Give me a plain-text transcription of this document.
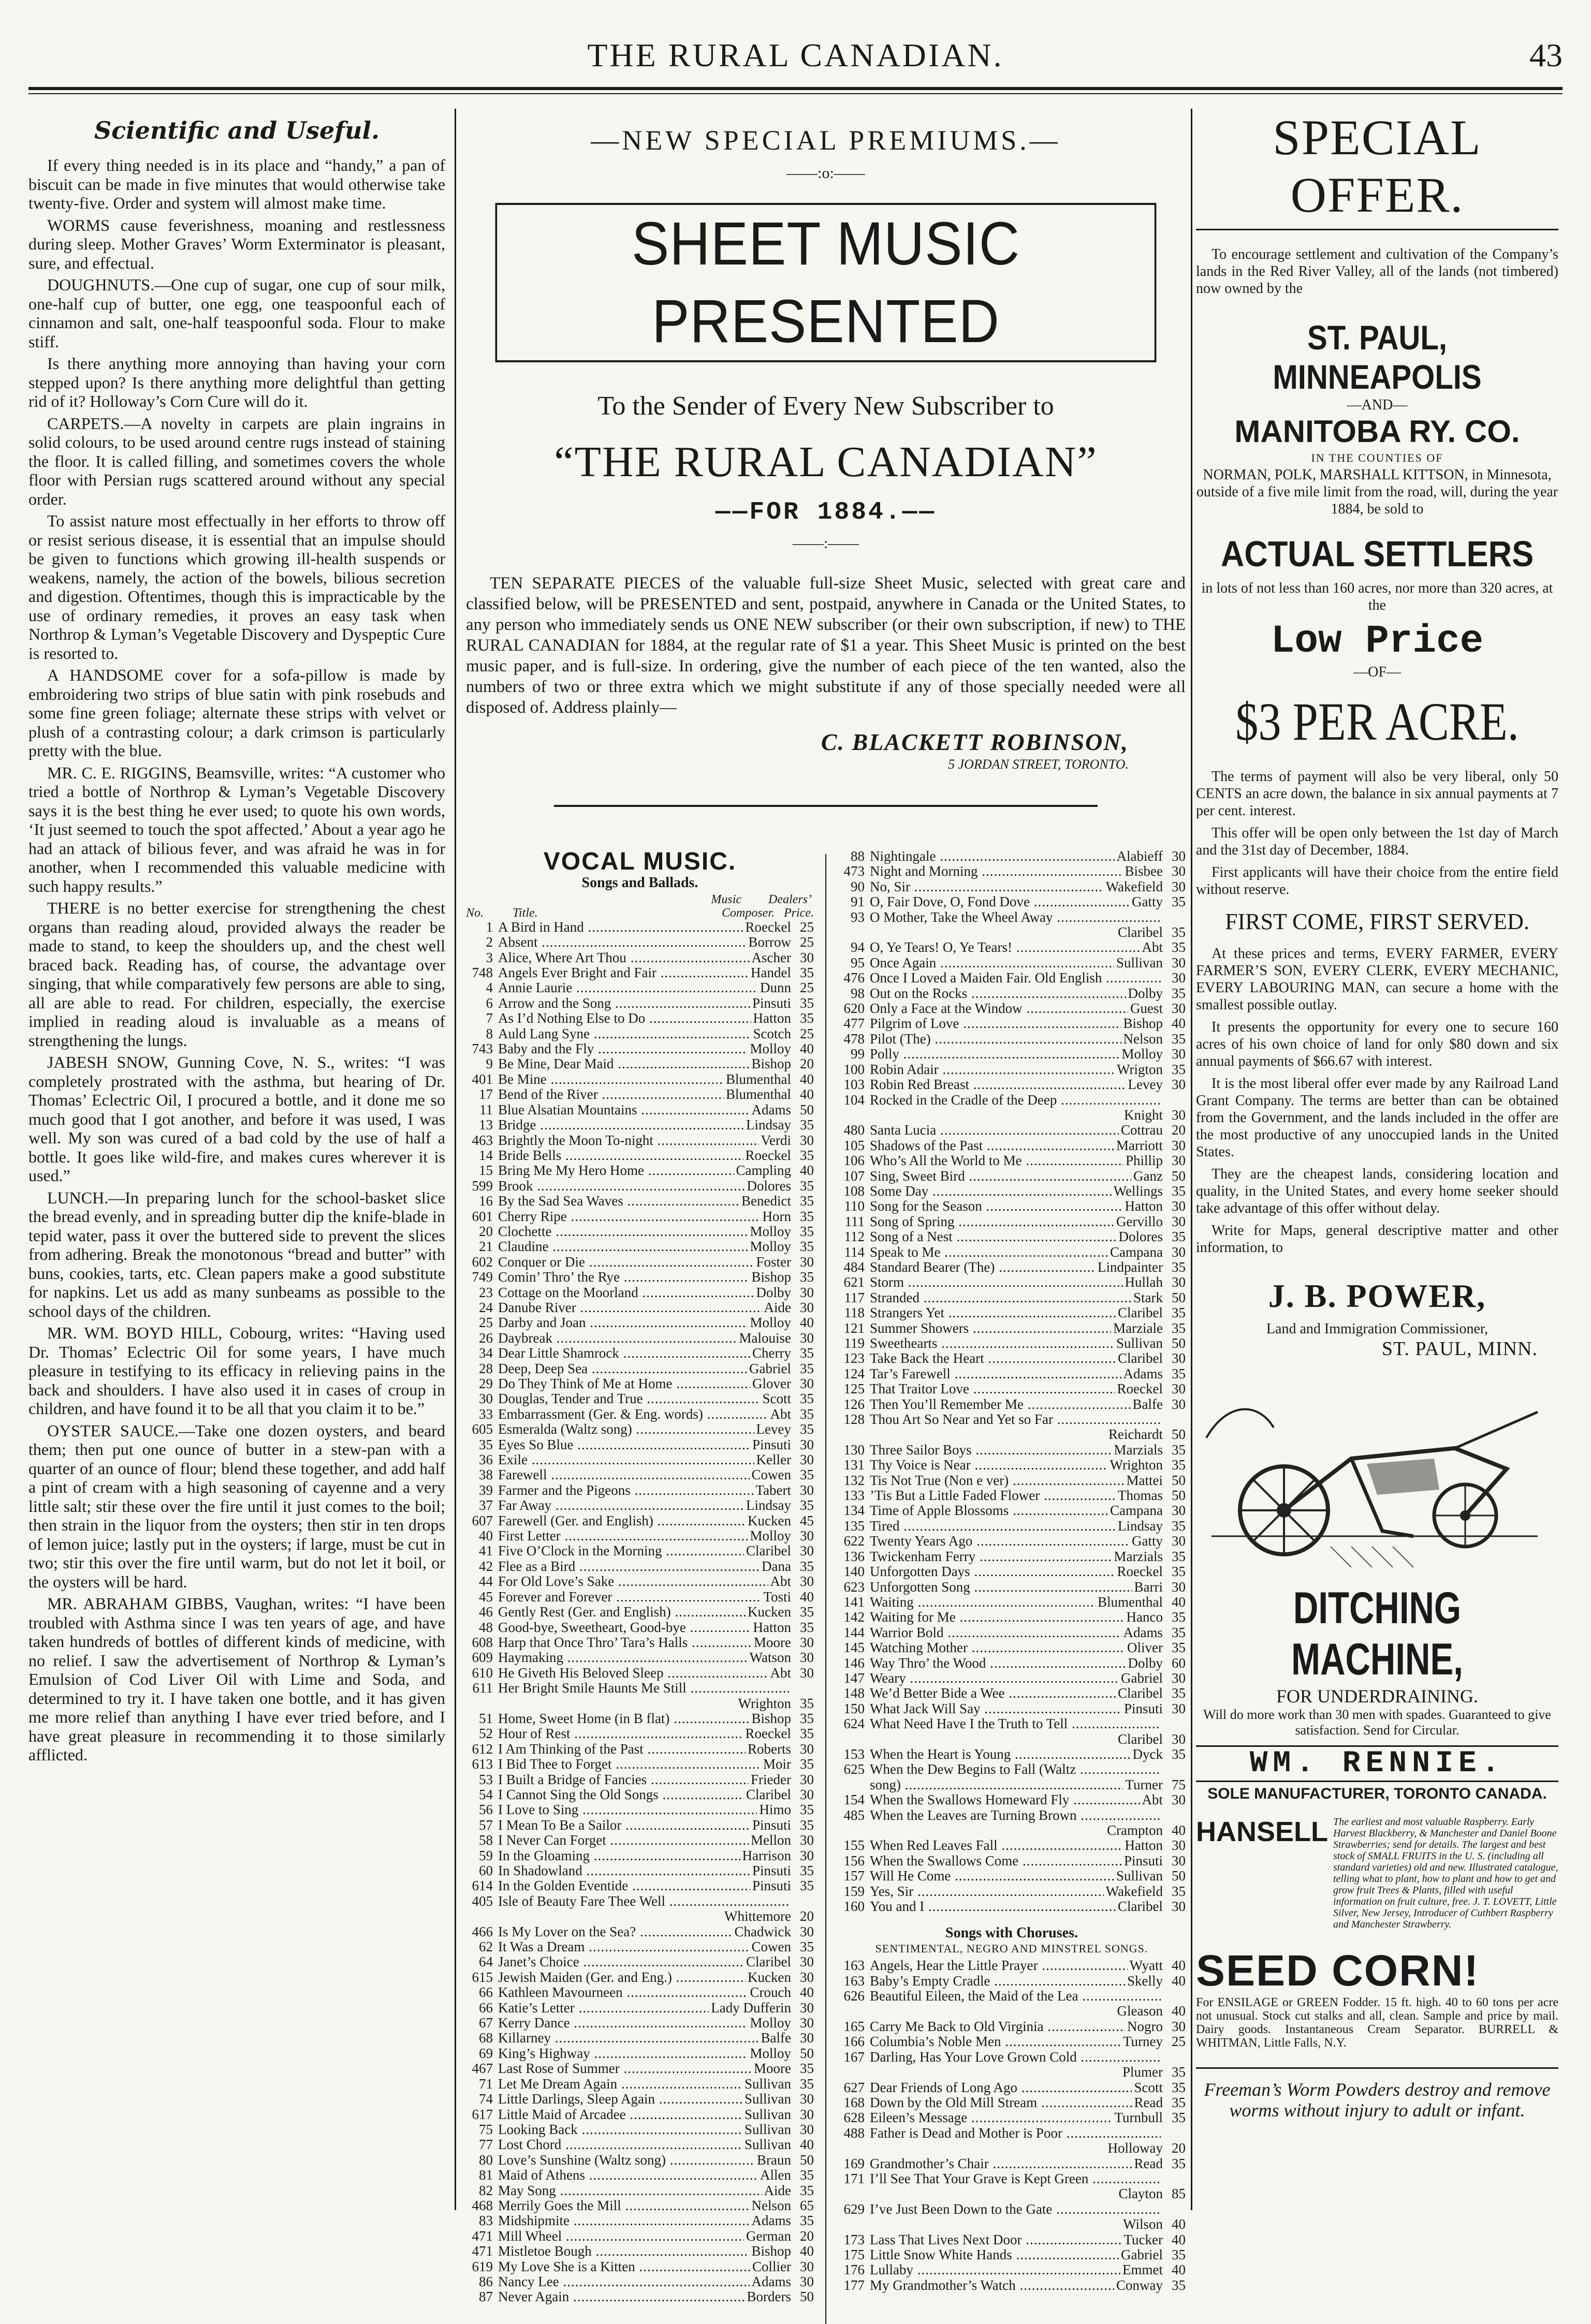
THE RURAL CANADIAN.	43
Scientific and Useful.

If every thing needed is in its place and “handy,” a pan of biscuit can be made in five minutes that would otherwise take twenty-five. Order and system will almost make time.

WORMS cause feverishness, moaning and restlessness during sleep. Mother Graves’ Worm Exterminator is pleasant, sure, and effectual.

DOUGHNUTS.—One cup of sugar, one cup of sour milk, one-half cup of butter, one egg, one teaspoonful each of cinnamon and salt, one-half teaspoonful soda. Flour to make stiff.

Is there anything more annoying than having your corn stepped upon? Is there anything more delightful than getting rid of it? Holloway’s Corn Cure will do it.

CARPETS.—A novelty in carpets are plain ingrains in solid colours, to be used around centre rugs instead of staining the floor. It is called filling, and sometimes covers the whole floor with Persian rugs scattered around without any special order.

To assist nature most effectually in her efforts to throw off or resist serious disease, it is essential that an impulse should be given to functions which growing ill-health suspends or weakens, namely, the action of the bowels, bilious secretion and digestion. Oftentimes, though this is impracticable by the use of ordinary remedies, it proves an easy task when Northrop & Lyman’s Vegetable Discovery and Dyspeptic Cure is resorted to.

A HANDSOME cover for a sofa-pillow is made by embroidering two strips of blue satin with pink rosebuds and some fine green foliage; alternate these strips with velvet or plush of a contrasting colour; a dark crimson is particularly pretty with the blue.

MR. C. E. RIGGINS, Beamsville, writes: “A customer who tried a bottle of Northrop & Lyman’s Vegetable Discovery says it is the best thing he ever used; to quote his own words, ‘It just seemed to touch the spot affected.’ About a year ago he had an attack of bilious fever, and was afraid he was in for another, when I recommended this valuable medicine with such happy results.”

THERE is no better exercise for strengthening the chest organs than reading aloud, provided always the reader be made to stand, to keep the shoulders up, and the chest well braced back. Reading has, of course, the advantage over singing, that while comparatively few persons are able to sing, all are able to read. For children, especially, the exercise implied in reading aloud is invaluable as a means of strengthening the lungs.

JABESH SNOW, Gunning Cove, N. S., writes: “I was completely prostrated with the asthma, but hearing of Dr. Thomas’ Eclectric Oil, I procured a bottle, and it done me so much good that I got another, and before it was used, I was well. My son was cured of a bad cold by the use of half a bottle. It goes like wild-fire, and makes cures wherever it is used.”

LUNCH.—In preparing lunch for the school-basket slice the bread evenly, and in spreading butter dip the knife-blade in tepid water, pass it over the buttered side to prevent the slices from adhering. Break the monotonous “bread and butter” with buns, cookies, tarts, etc. Clean papers make a good substitute for napkins. Let us add as many sunbeams as possible to the school days of the children.

MR. WM. BOYD HILL, Cobourg, writes: “Having used Dr. Thomas’ Eclectric Oil for some years, I have much pleasure in testifying to its efficacy in relieving pains in the back and shoulders. I have also used it in cases of croup in children, and have found it to be all that you claim it to be.”

OYSTER SAUCE.—Take one dozen oysters, and beard them; then put one ounce of butter in a stew-pan with a quarter of an ounce of flour; blend these together, and add half a pint of cream with a high seasoning of cayenne and a very little salt; stir these over the fire until it just comes to the boil; then strain in the liquor from the oysters; then stir in ten drops of lemon juice; lastly put in the oysters; if large, must be cut in two; stir this over the fire until warm, but do not let it boil, or the oysters will be hard.

MR. ABRAHAM GIBBS, Vaughan, writes: “I have been troubled with Asthma since I was ten years of age, and have taken hundreds of bottles of different kinds of medicine, with no relief. I saw the advertisement of Northrop & Lyman’s Emulsion of Cod Liver Oil with Lime and Soda, and determined to try it. I have taken one bottle, and it has given me more relief than anything I have ever tried before, and I have great pleasure in recommending it to those similarly afflicted.

—NEW SPECIAL PREMIUMS.—
——:o:——
SHEET MUSIC PRESENTED
To the Sender of Every New Subscriber to
“THE RURAL CANADIAN”
——FOR 1884.——
——:——
TEN SEPARATE PIECES of the valuable full-size Sheet Music, selected with great care and classified below, will be PRESENTED and sent, postpaid, anywhere in Canada or the United States, to any person who immediately sends us ONE NEW subscriber (or their own subscription, if new) to THE RURAL CANADIAN for 1884, at the regular rate of $1 a year. This Sheet Music is printed on the best music paper, and is full-size. In ordering, give the number of each piece of the ten wanted, also the numbers of two or three extra which we might substitute if any of those specially needed were all disposed of. Address plainly—
C. BLACKETT ROBINSON,
5 JORDAN STREET, TORONTO.
VOCAL MUSIC.
Songs and Ballads.
Music Dealers’
No.	Title.	Composer. Price.
1 A Bird in Hand .....	Roeckel 25
2 Absent .....	Borrow 25
3 Alice, Where Art Thou .....	Ascher 30
748 Angels Ever Bright and Fair .....	Handel 35
4 Annie Laurie .....	Dunn 25
6 Arrow and the Song .....	Pinsuti 35
7 As I’d Nothing Else to Do .....	Hatton 35
8 Auld Lang Syne .....	Scotch 25
743 Baby and the Fly .....	Molloy 40
9 Be Mine, Dear Maid .....	Bishop 20
401 Be Mine .....	Blumenthal 40
17 Bend of the River .....	Blumenthal 40
11 Blue Alsatian Mountains .....	Adams 50
13 Bridge .....	Lindsay 35
463 Brightly the Moon To-night .....	Verdi 30
14 Bride Bells .....	Roeckel 35
15 Bring Me My Hero Home .....	Campling 40
599 Brook .....	Dolores 35
16 By the Sad Sea Waves .....	Benedict 35
601 Cherry Ripe .....	Horn 35
20 Clochette .....	Molloy 35
21 Claudine .....	Molloy 35
602 Conquer or Die .....	Foster 30
749 Comin’ Thro’ the Rye .....	Bishop 35
23 Cottage on the Moorland .....	Dolby 30
24 Danube River .....	Aide 30
25 Darby and Joan .....	Molloy 40
26 Daybreak .....	Malouise 30
34 Dear Little Shamrock .....	Cherry 35
28 Deep, Deep Sea .....	Gabriel 35
29 Do They Think of Me at Home .....	Glover 30
30 Douglas, Tender and True .....	Scott 35
33 Embarrassment (Ger. & Eng. words) .....	Abt 35
605 Esmeralda (Waltz song) .....	Levey 35
35 Eyes So Blue .....	Pinsuti 30
36 Exile .....	Keller 30
38 Farewell .....	Cowen 35
39 Farmer and the Pigeons .....	Tabert 30
37 Far Away .....	Lindsay 35
607 Farewell (Ger. and English) .....	Kucken 45
40 First Letter .....	Molloy 30
41 Five O’Clock in the Morning .....	Claribel 30
42 Flee as a Bird .....	Dana 35
44 For Old Love’s Sake .....	Abt 30
45 Forever and Forever .....	Tosti 40
46 Gently Rest (Ger. and English) .....	Kucken 35
48 Good-bye, Sweetheart, Good-bye .....	Hatton 35
608 Harp that Once Thro’ Tara’s Halls .....	Moore 30
609 Haymaking .....	Watson 30
610 He Giveth His Beloved Sleep .....	Abt 30
611 Her Bright Smile Haunts Me Still .....
Wrighton 35
51 Home, Sweet Home (in B flat) .....	Bishop 35
52 Hour of Rest .....	Roeckel 35
612 I Am Thinking of the Past .....	Roberts 30
613 I Bid Thee to Forget .....	Moir 35
53 I Built a Bridge of Fancies .....	Frieder 30
54 I Cannot Sing the Old Songs .....	Claribel 30
56 I Love to Sing .....	Himo 35
57 I Mean To Be a Sailor .....	Pinsuti 35
58 I Never Can Forget .....	Mellon 30
59 In the Gloaming .....	Harrison 30
60 In Shadowland .....	Pinsuti 35
614 In the Golden Eventide .....	Pinsuti 35
405 Isle of Beauty Fare Thee Well .....
Whittemore 20
466 Is My Lover on the Sea? .....	Chadwick 30
62 It Was a Dream .....	Cowen 35
64 Janet’s Choice .....	Claribel 30
615 Jewish Maiden (Ger. and Eng.) .....	Kucken 30
66 Kathleen Mavourneen .....	Crouch 40
66 Katie’s Letter .....	Lady Dufferin 30
67 Kerry Dance .....	Molloy 30
68 Killarney .....	Balfe 30
69 King’s Highway .....	Molloy 50
467 Last Rose of Summer .....	Moore 35
71 Let Me Dream Again .....	Sullivan 35
74 Little Darlings, Sleep Again .....	Sullivan 30
617 Little Maid of Arcadee .....	Sullivan 30
75 Looking Back .....	Sullivan 30
77 Lost Chord .....	Sullivan 40
80 Love’s Sunshine (Waltz song) .....	Braun 50
81 Maid of Athens .....	Allen 35
82 May Song .....	Aide 35
468 Merrily Goes the Mill .....	Nelson 65
83 Midshipmite .....	Adams 35
471 Mill Wheel .....	German 20
471 Mistletoe Bough .....	Bishop 40
619 My Love She is a Kitten .....	Collier 30
86 Nancy Lee .....	Adams 30
87 Never Again .....	Borders 50
88 Nightingale .....	Alabieff 30
473 Night and Morning .....	Bisbee 30
90 No, Sir .....	Wakefield 30
91 O, Fair Dove, O, Fond Dove .....	Gatty 35
93 O Mother, Take the Wheel Away .....
Claribel 35
94 O, Ye Tears! O, Ye Tears! .....	Abt 35
95 Once Again .....	Sullivan 30
476 Once I Loved a Maiden Fair. Old English .....	30
98 Out on the Rocks .....	Dolby 35
620 Only a Face at the Window .....	Guest 30
477 Pilgrim of Love .....	Bishop 40
478 Pilot (The) .....	Nelson 35
99 Polly .....	Molloy 30
100 Robin Adair .....	Wrigton 35
103 Robin Red Breast .....	Levey 30
104 Rocked in the Cradle of the Deep .....
Knight 30
480 Santa Lucia .....	Cottrau 20
105 Shadows of the Past .....	Marriott 30
106 Who’s All the World to Me .....	Phillip 30
107 Sing, Sweet Bird .....	Ganz 50
108 Some Day .....	Wellings 35
110 Song for the Season .....	Hatton 30
111 Song of Spring .....	Gervillo 30
112 Song of a Nest .....	Dolores 35
114 Speak to Me .....	Campana 30
484 Standard Bearer (The) .....	Lindpainter 35
621 Storm .....	Hullah 30
117 Stranded .....	Stark 50
118 Strangers Yet .....	Claribel 35
121 Summer Showers .....	Marziale 35
119 Sweethearts .....	Sullivan 50
123 Take Back the Heart .....	Claribel 30
124 Tar’s Farewell .....	Adams 35
125 That Traitor Love .....	Roeckel 30
126 Then You’ll Remember Me .....	Balfe 30
128 Thou Art So Near and Yet so Far .....
Reichardt 50
130 Three Sailor Boys .....	Marzials 35
131 Thy Voice is Near .....	Wrighton 35
132 Tis Not True (Non e ver) .....	Mattei 50
133 ’Tis But a Little Faded Flower .....	Thomas 50
134 Time of Apple Blossoms .....	Campana 30
135 Tired .....	Lindsay 35
622 Twenty Years Ago .....	Gatty 30
136 Twickenham Ferry .....	Marzials 35
140 Unforgotten Days .....	Roeckel 35
623 Unforgotten Song .....	Barri 30
141 Waiting .....	Blumenthal 40
142 Waiting for Me .....	Hanco 35
144 Warrior Bold .....	Adams 35
145 Watching Mother .....	Oliver 35
146 Way Thro’ the Wood .....	Dolby 60
147 Weary .....	Gabriel 30
148 We’d Better Bide a Wee .....	Claribel 35
150 What Jack Will Say .....	Pinsuti 30
624 What Need Have I the Truth to Tell .....
Claribel 30
153 When the Heart is Young .....	Dyck 35
625 When the Dew Begins to Fall (Waltz .....
song) .....	Turner 75
154 When the Swallows Homeward Fly .....	Abt 30
485 When the Leaves are Turning Brown .....
Crampton 40
155 When Red Leaves Fall .....	Hatton 30
156 When the Swallows Come .....	Pinsuti 30
157 Will He Come .....	Sullivan 50
159 Yes, Sir .....	Wakefield 35
160 You and I .....	Claribel 30
Songs with Choruses.
SENTIMENTAL, NEGRO AND MINSTREL SONGS.
163 Angels, Hear the Little Prayer .....	Wyatt 40
163 Baby’s Empty Cradle .....	Skelly 40
626 Beautiful Eileen, the Maid of the Lea .....
Gleason 40
165 Carry Me Back to Old Virginia .....	Nogro 30
166 Columbia’s Noble Men .....	Turney 25
167 Darling, Has Your Love Grown Cold .....
Plumer 35
627 Dear Friends of Long Ago .....	Scott 35
168 Down by the Old Mill Stream .....	Read 35
628 Eileen’s Message .....	Turnbull 35
488 Father is Dead and Mother is Poor .....
Holloway 20
169 Grandmother’s Chair .....	Read 35
171 I’ll See That Your Grave is Kept Green .....
Clayton 85
629 I’ve Just Been Down to the Gate .....
Wilson 40
173 Lass That Lives Next Door .....	Tucker 40
175 Little Snow White Hands .....	Gabriel 35
176 Lullaby .....	Emmet 40
177 My Grandmother’s Watch .....	Conway 35
SPECIAL OFFER.

To encourage settlement and cultivation of the Company’s lands in the Red River Valley, all of the lands (not timbered) now owned by the

ST. PAUL, MINNEAPOLIS

—AND—

MANITOBA RY. CO.

IN THE COUNTIES OF

NORMAN, POLK, MARSHALL KITTSON, in Minnesota, outside of a five mile limit from the road, will, during the year 1884, be sold to

ACTUAL SETTLERS

in lots of not less than 160 acres, nor more than 320 acres, at the

Low Price

—OF—

$3 PER ACRE.

The terms of payment will also be very liberal, only 50 CENTS an acre down, the balance in six annual payments at 7 per cent. interest.

This offer will be open only between the 1st day of March and the 31st day of December, 1884.

First applicants will have their choice from the entire field without reserve.

FIRST COME, FIRST SERVED.

At these prices and terms, EVERY FARMER, EVERY FARMER’S SON, EVERY CLERK, EVERY MECHANIC, EVERY LABOURING MAN, can secure a home with the smallest possible outlay.

It presents the opportunity for every one to secure 160 acres of his own choice of land for only $80 down and six annual payments of $66.67 with interest.

It is the most liberal offer ever made by any Railroad Land Grant Company. The terms are better than can be obtained from the Government, and the lands included in the offer are the most productive of any unoccupied lands in the United States.

They are the cheapest lands, considering location and quality, in the United States, and every home seeker should take advantage of this offer without delay.

Write for Maps, general descriptive matter and other information, to

J. B. POWER,

Land and Immigration Commissioner,

ST. PAUL, MINN.
DITCHING MACHINE,
FOR UNDERDRAINING.

Will do more work than 30 men with spades. Guaranteed to give satisfaction. Send for Circular.

WM. RENNIE.
SOLE MANUFACTURER, TORONTO CANADA.
HANSELL The earliest and most valuable Raspberry. Early Harvest Blackberry, & Manchester and Daniel Boone Strawberries; send for details. The largest and best stock of SMALL FRUITS in the U. S. (including all standard varieties) old and new. Illustrated catalogue, telling what to plant, how to plant and how to get and grow fruit Trees & Plants, filled with useful information on fruit culture, free. J. T. LOVETT, Little Silver, New Jersey, Introducer of Cuthbert Raspberry and Manchester Strawberry.
SEED CORN!
For ENSILAGE or GREEN Fodder. 15 ft. high. 40 to 60 tons per acre not unusual. Stock cut stalks and all, clean. Sample and price by mail. Dairy goods. Instantaneous Cream Separator. BURRELL & WHITMAN, Little Falls, N.Y.
Freeman’s Worm Powders destroy and remove worms without injury to adult or infant.
